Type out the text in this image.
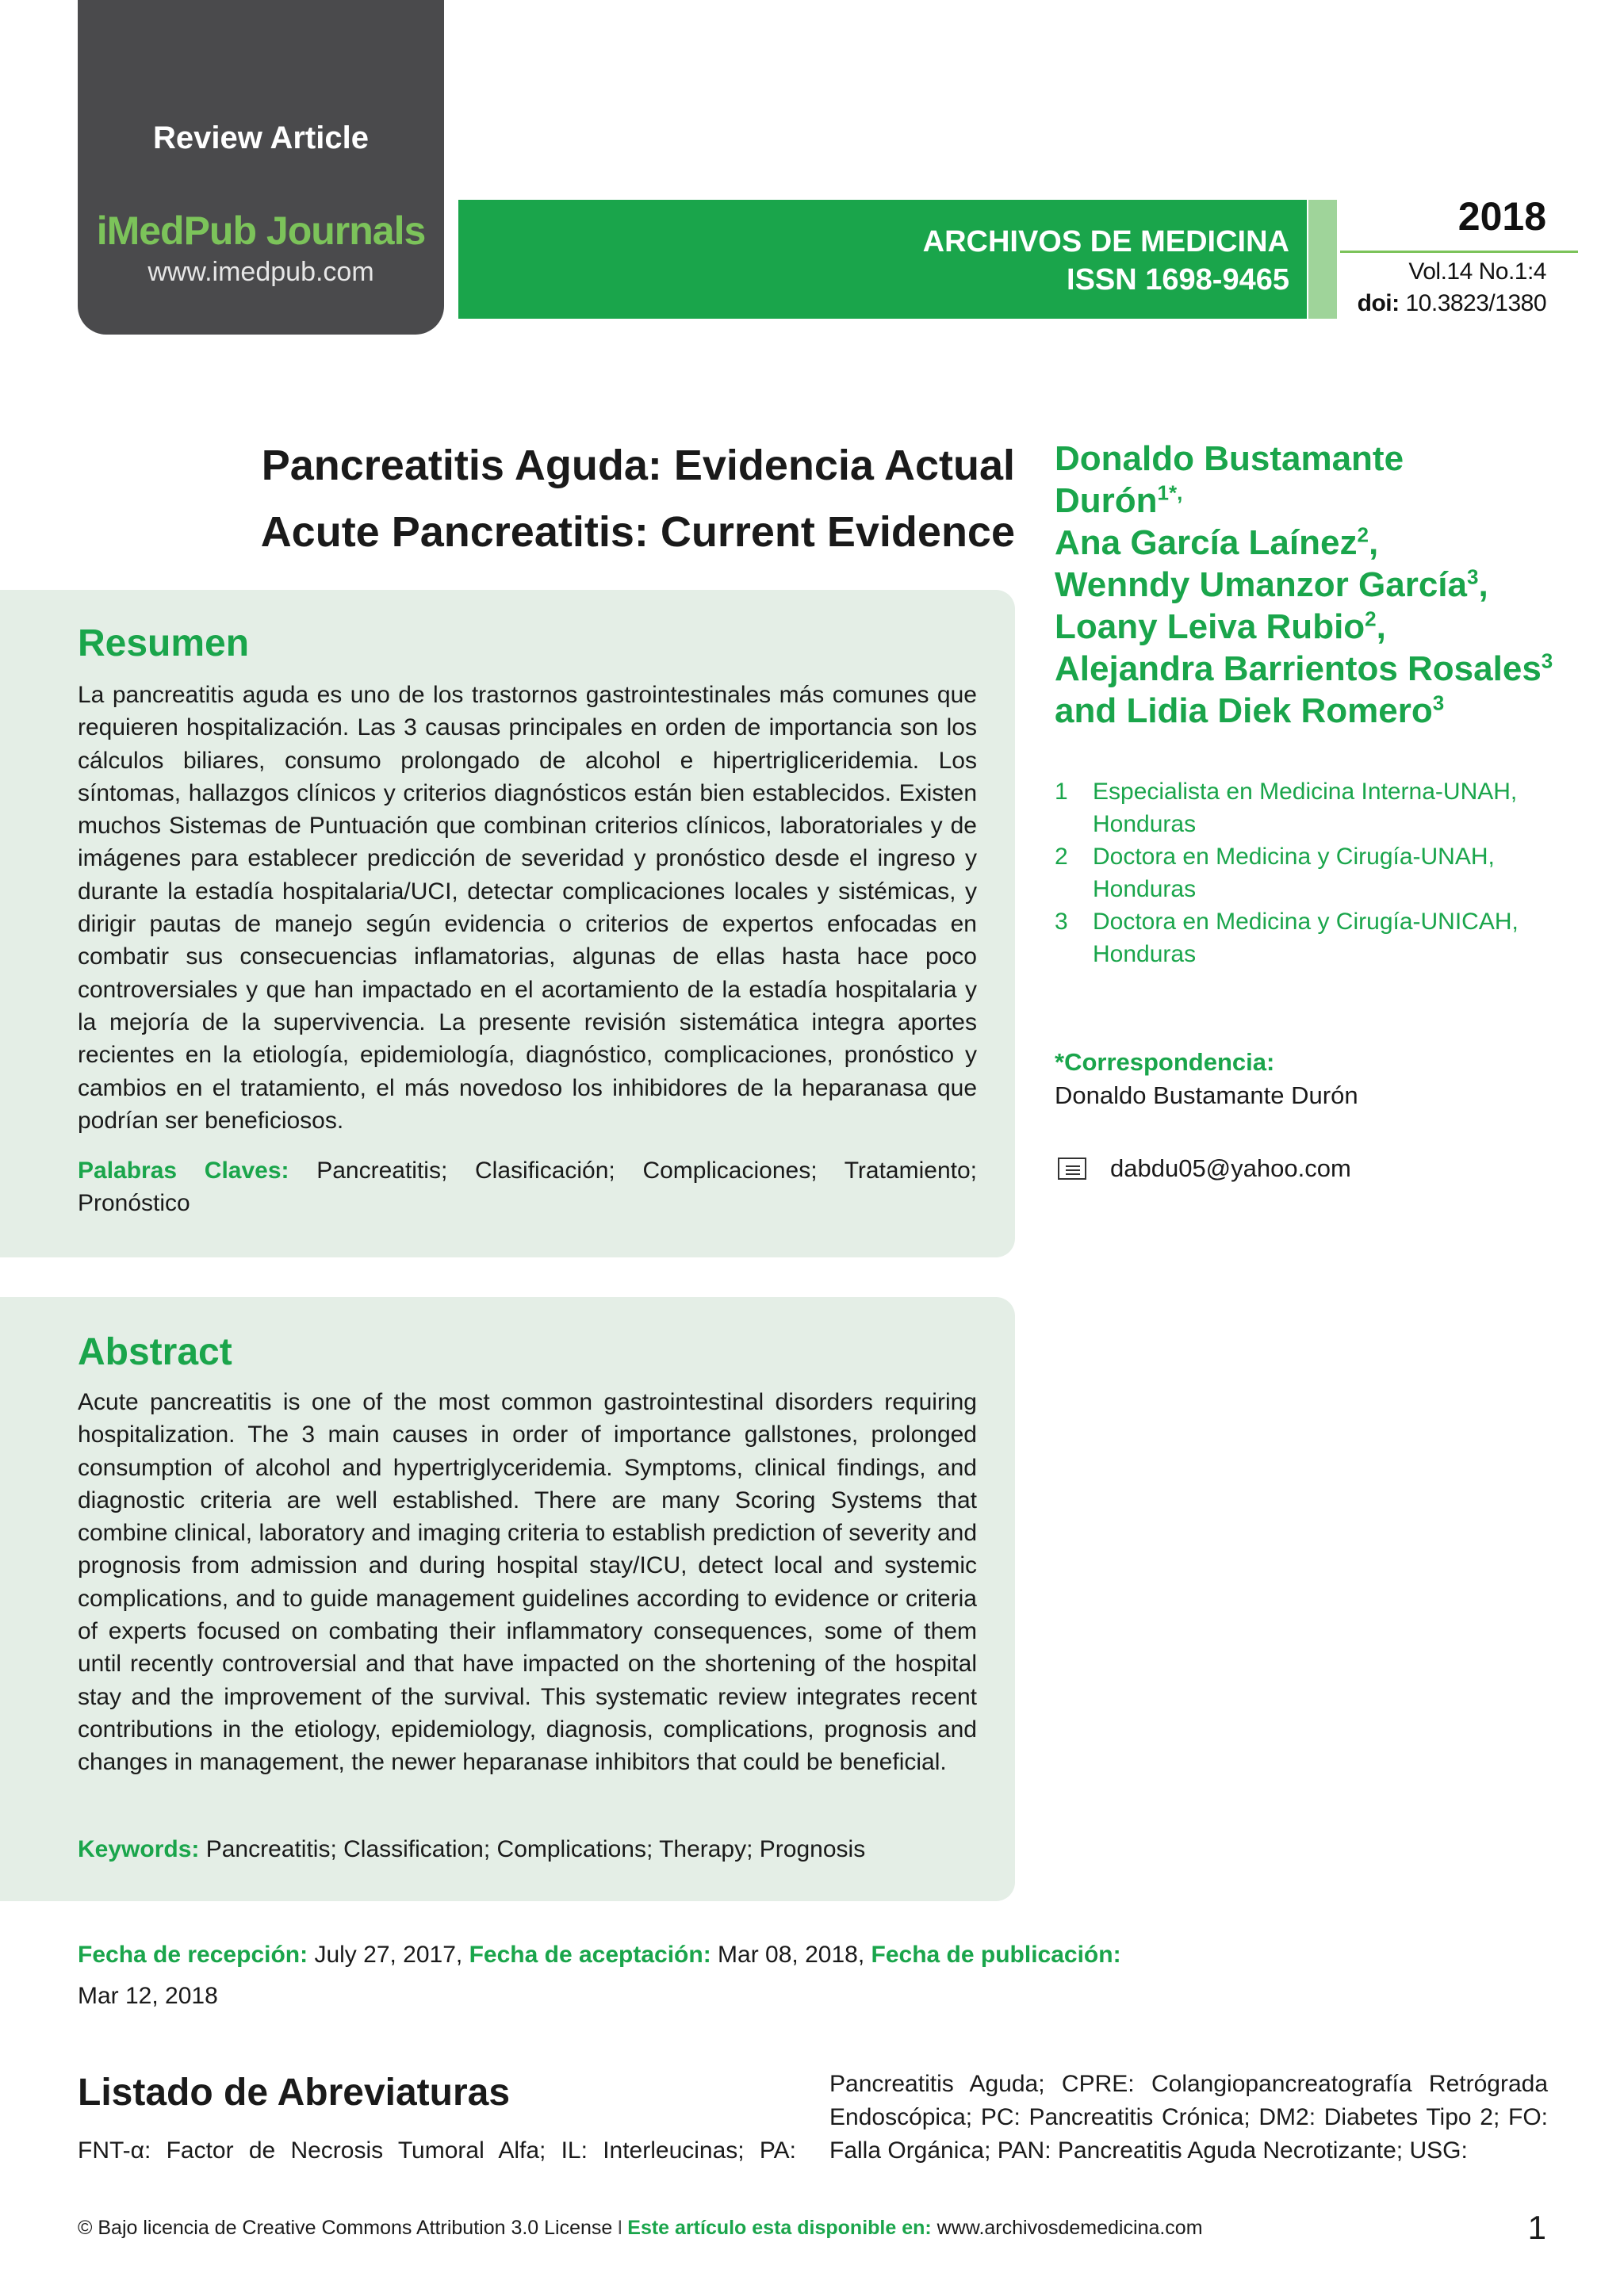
Review Article
iMedPub Journals
www.imedpub.com
ARCHIVOS DE MEDICINA
ISSN 1698-9465
2018
Vol.14 No.1:4
doi: 10.3823/1380
Pancreatitis Aguda: Evidencia Actual
Acute Pancreatitis: Current Evidence
Donaldo Bustamante
Durón$^{1*,}$
Ana García Laínez$^2$,
Wenndy Umanzor García$^3$,
Loany Leiva Rubio$^2$,
Alejandra Barrientos Rosales$^3$
and Lidia Diek Romero$^3$
1	Especialista en Medicina Interna-UNAH, Honduras
2	Doctora en Medicina y Cirugía-UNAH, Honduras
3	Doctora en Medicina y Cirugía-UNICAH, Honduras
*Correspondencia:
Donaldo Bustamante Durón
dabdu05@yahoo.com
Resumen
La pancreatitis aguda es uno de los trastornos gastrointestinales más comunes que requieren hospitalización. Las 3 causas principales en orden de importancia son los cálculos biliares, consumo prolongado de alcohol e hipertrigliceridemia. Los síntomas, hallazgos clínicos y criterios diagnósticos están bien establecidos. Existen muchos Sistemas de Puntuación que combinan criterios clínicos, laboratoriales y de imágenes para establecer predicción de severidad y pronóstico desde el ingreso y durante la estadía hospitalaria/UCI, detectar complicaciones locales y sistémicas, y dirigir pautas de manejo según evidencia o criterios de expertos enfocadas en combatir sus consecuencias inflamatorias, algunas de ellas hasta hace poco controversiales y que han impactado en el acortamiento de la estadía hospitalaria y la mejoría de la supervivencia. La presente revisión sistemática integra aportes recientes en la etiología, epidemiología, diagnóstico, complicaciones, pronóstico y cambios en el tratamiento, el más novedoso los inhibidores de la heparanasa que podrían ser beneficiosos.
Palabras Claves: Pancreatitis; Clasificación; Complicaciones; Tratamiento; Pronóstico
Abstract
Acute pancreatitis is one of the most common gastrointestinal disorders requiring hospitalization. The 3 main causes in order of importance gallstones, prolonged consumption of alcohol and hypertriglyceridemia. Symptoms, clinical findings, and diagnostic criteria are well established. There are many Scoring Systems that combine clinical, laboratory and imaging criteria to establish prediction of severity and prognosis from admission and during hospital stay/ICU, detect local and systemic complications, and to guide management guidelines according to evidence or criteria of experts focused on combating their inflammatory consequences, some of them until recently controversial and that have impacted on the shortening of the hospital stay and the improvement of the survival. This systematic review integrates recent contributions in the etiology, epidemiology, diagnosis, complications, prognosis and changes in management, the newer heparanase inhibitors that could be beneficial.
Keywords: Pancreatitis; Classification; Complications; Therapy; Prognosis
Fecha de recepción: July 27, 2017, Fecha de aceptación: Mar 08, 2018, Fecha de publicación:
Mar 12, 2018
Listado de Abreviaturas
FNT-α: Factor de Necrosis Tumoral Alfa; IL: Interleucinas; PA:
Pancreatitis Aguda; CPRE: Colangiopancreatografía Retrógrada Endoscópica; PC: Pancreatitis Crónica; DM2: Diabetes Tipo 2; FO: Falla Orgánica; PAN: Pancreatitis Aguda Necrotizante; USG:
© Bajo licencia de Creative Commons Attribution 3.0 License I Este artículo esta disponible en: www.archivosdemedicina.com	1
